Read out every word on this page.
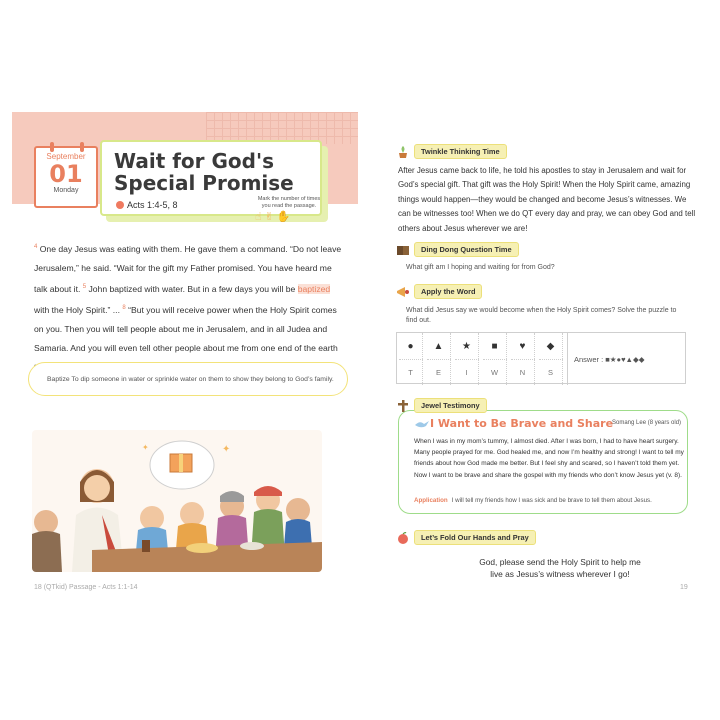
Wait for God's
Special Promise
Acts 1:4-5, 8
Mark the number of times you read the passage.
☝✌✋
September
01
Monday
$^4$ One day Jesus was eating with them. He gave them a command. “Do not leave Jerusalem,” he said. “Wait for the gift my Father promised. You have heard me talk about it. $^5$ John baptized with water. But in a few days you will be baptized with the Holy Spirit.” ... $^8$ “But you will receive power when the Holy Spirit comes on you. Then you will tell people about me in Jerusalem, and in all Judea and Samaria. And you will even tell other people about me from one end of the earth
Baptize To dip someone in water or sprinkle water on them to show they belong to God’s family.
✦
✦
18 (QTkid) Passage - Acts 1:1-14
Twinkle Thinking Time
After Jesus came back to life, he told his apostles to stay in Jerusalem and wait for God’s special gift. That gift was the Holy Spirit! When the Holy Spirit came, amazing things would happen—they would be changed and become Jesus’s witnesses. We can be witnesses too! When we do QT every day and pray, we can obey God and tell others about Jesus wherever we are!
Ding Dong Question Time
What gift am I hoping and waiting for from God?
Apply the Word
What did Jesus say we would become when the Holy Spirit comes? Solve the puzzle to find out.
●	▲	★	■	♥	◆
T	E	I	W	N	S
Answer :
■★●♥▲◆◆
Jewel Testimony
I Want to Be Brave and Share
Somang Lee (8 years old)
When I was in my mom’s tummy, I almost died. After I was born, I had to have heart surgery. Many people prayed for me. God healed me, and now I’m healthy and strong! I want to tell my friends about how God made me better. But I feel shy and scared, so I haven’t told them yet. Now I want to be brave and share the gospel with my friends who don’t know Jesus yet (v. 8).
Application I will tell my friends how I was sick and be brave to tell them about Jesus.
Let’s Fold Our Hands and Pray
God, please send the Holy Spirit to help me
live as Jesus’s witness wherever I go!
19
